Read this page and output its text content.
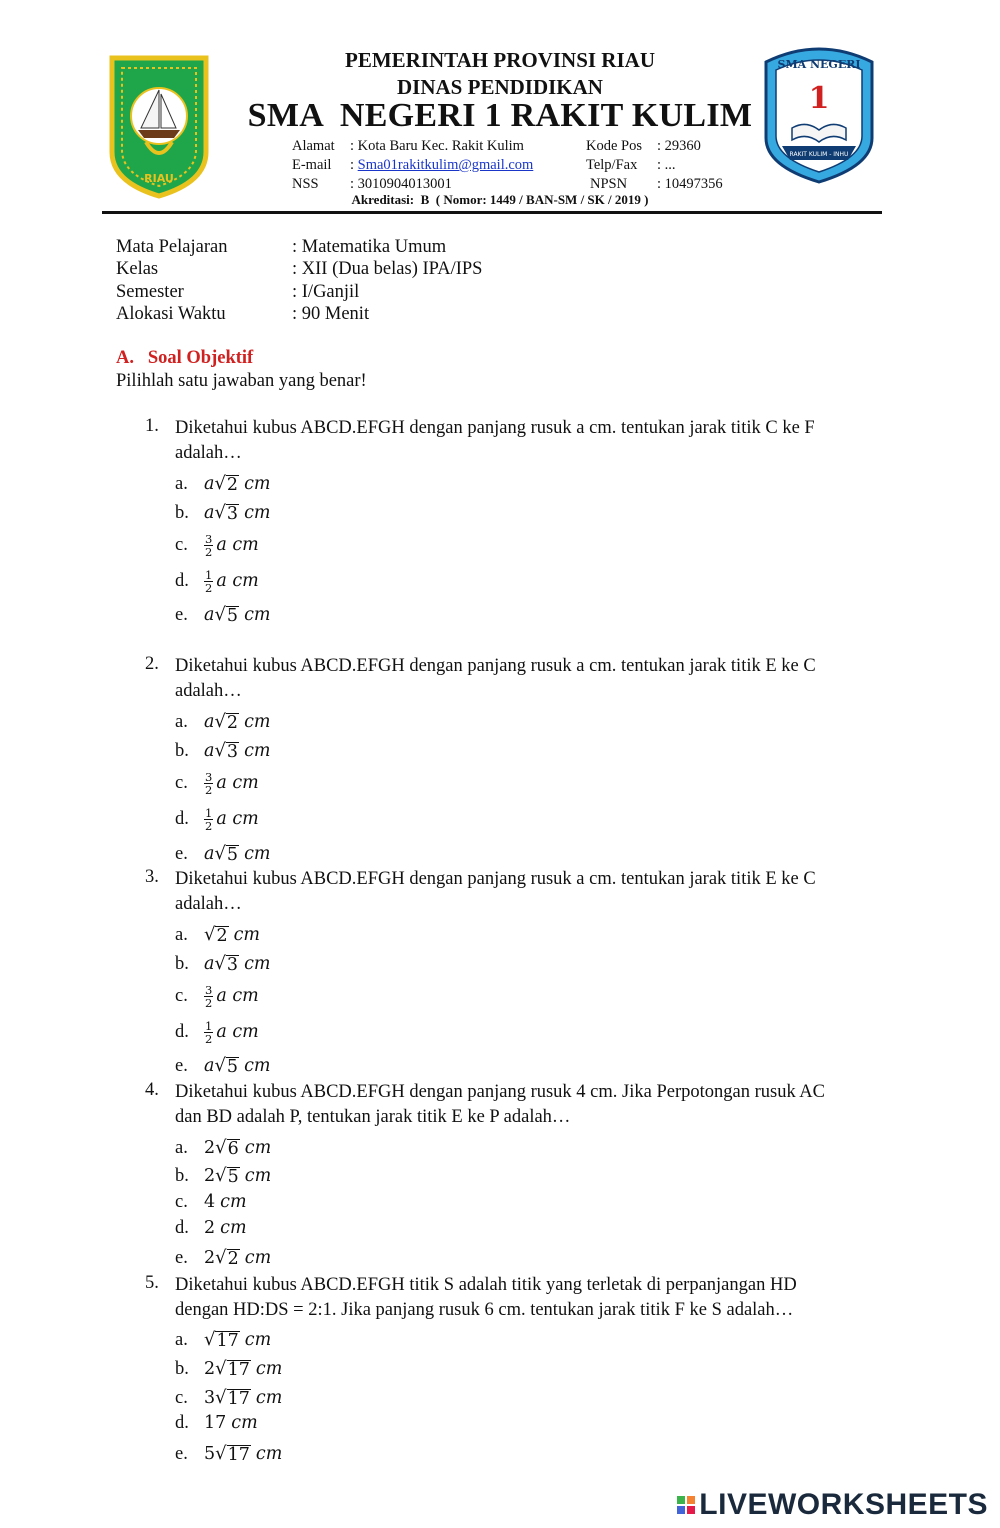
RIAU
SMA NEGERI
1
RAKIT KULIM - INHU
PEMERINTAH PROVINSI RIAU
DINAS PENDIDIKAN
SMA  NEGERI 1 RAKIT KULIM
Alamat : Kota Baru Kec. Rakit Kulim	Kode Pos : 29360
E-mail : Sma01rakitkulim@gmail.com	Telp/Fax : ...
NSS : 3010904013001	NPSN : 10497356
Akreditasi:  B  ( Nomor: 1449 / BAN-SM / SK / 2019 )
Mata Pelajaran	: Matematika Umum
Kelas	: XII (Dua belas) IPA/IPS
Semester	: I/Ganjil
Alokasi Waktu	: 90 Menit
A.   Soal Objektif
Pilihlah satu jawaban yang benar!
1. Diketahui kubus ABCD.EFGH dengan panjang rusuk a cm. tentukan jarak titik C ke F
adalah…
a. a √ 2 cm
b. a √ 3 cm
c. $\frac{3}{2}$ a cm
d. $\frac{1}{2}$ a cm
e. a √ 5 cm
2. Diketahui kubus ABCD.EFGH dengan panjang rusuk a cm. tentukan jarak titik E ke C
adalah…
a. a √ 2 cm
b. a √ 3 cm
c. $\frac{3}{2}$ a cm
d. $\frac{1}{2}$ a cm
e. a √ 5 cm
3. Diketahui kubus ABCD.EFGH dengan panjang rusuk a cm. tentukan jarak titik E ke C
adalah…
a. √ 2 cm
b. a √ 3 cm
c. $\frac{3}{2}$ a cm
d. $\frac{1}{2}$ a cm
e. a √ 5 cm
4. Diketahui kubus ABCD.EFGH dengan panjang rusuk 4 cm. Jika Perpotongan rusuk AC
dan BD adalah P, tentukan jarak titik E ke P adalah…
a. 2 √ 6 cm
b. 2 √ 5 cm
c. 4 cm
d. 2 cm
e. 2 √ 2 cm
5. Diketahui kubus ABCD.EFGH titik S adalah titik yang terletak di perpanjangan HD
dengan HD:DS = 2:1. Jika panjang rusuk 6 cm. tentukan jarak titik F ke S adalah…
a. √ 17 cm
b. 2 √ 17 cm
c. 3 √ 17 cm
d. 17 cm
e. 5 √ 17 cm
LIVEWORKSHEETS
